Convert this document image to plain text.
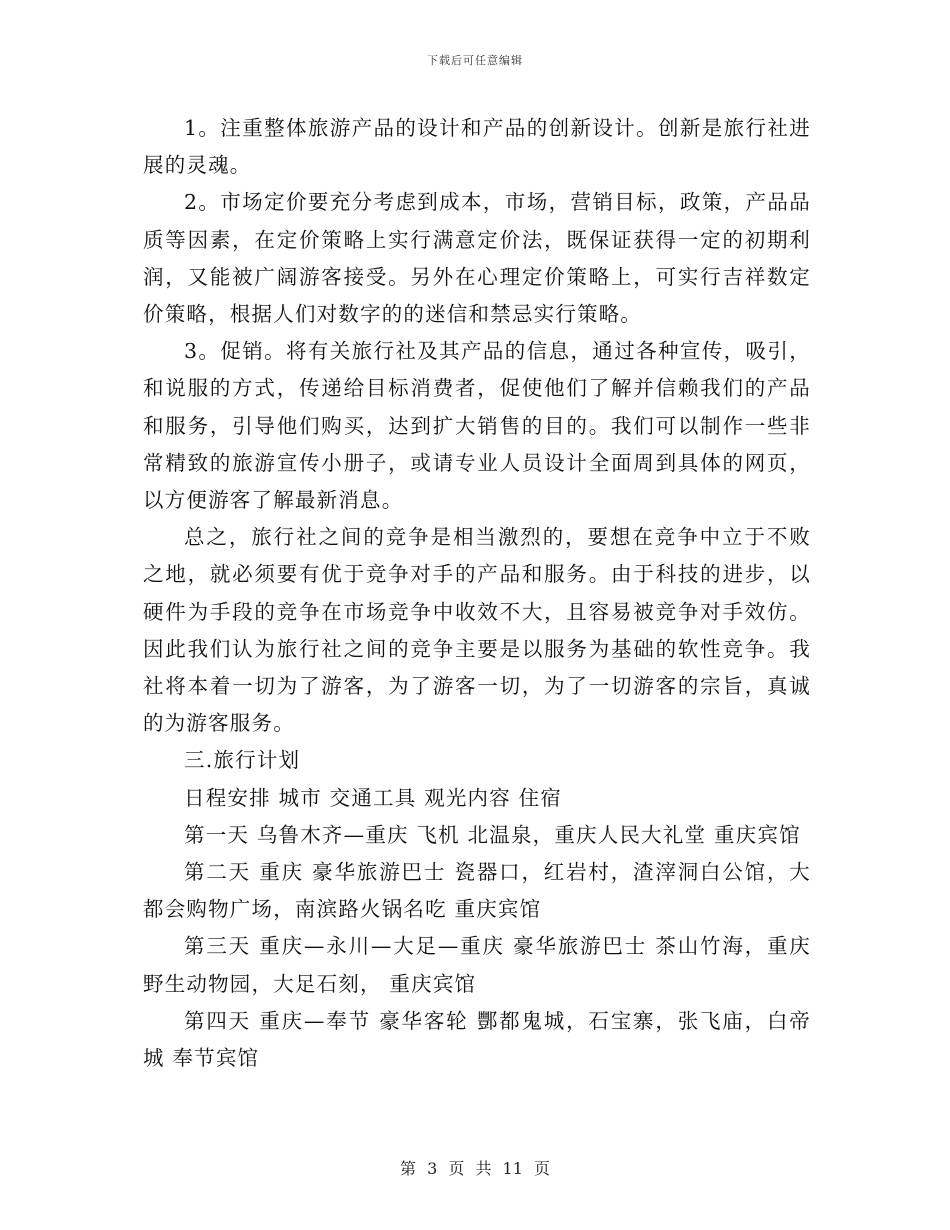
下载后可任意编辑

1。注重整体旅游产品的设计和产品的创新设计。创新是旅行社进展的灵魂。

2。市场定价要充分考虑到成本，市场，营销目标，政策，产品品质等因素，在定价策略上实行满意定价法，既保证获得一定的初期利润，又能被广阔游客接受。另外在心理定价策略上，可实行吉祥数定价策略，根据人们对数字的的迷信和禁忌实行策略。

3。促销。将有关旅行社及其产品的信息，通过各种宣传，吸引，和说服的方式，传递给目标消费者，促使他们了解并信赖我们的产品和服务，引导他们购买，达到扩大销售的目的。我们可以制作一些非常精致的旅游宣传小册子，或请专业人员设计全面周到具体的网页，以方便游客了解最新消息。

总之，旅行社之间的竞争是相当激烈的，要想在竞争中立于不败之地，就必须要有优于竞争对手的产品和服务。由于科技的进步，以硬件为手段的竞争在市场竞争中收效不大，且容易被竞争对手效仿。因此我们认为旅行社之间的竞争主要是以服务为基础的软性竞争。我社将本着一切为了游客，为了游客一切，为了一切游客的宗旨，真诚的为游客服务。

三.旅行计划

日程安排 城市 交通工具 观光内容 住宿

第一天 乌鲁木齐—重庆 飞机 北温泉，重庆人民大礼堂 重庆宾馆

第二天 重庆 豪华旅游巴士 瓷器口，红岩村，渣滓洞白公馆，大都会购物广场，南滨路火锅名吃 重庆宾馆

第三天 重庆—永川—大足—重庆 豪华旅游巴士 茶山竹海，重庆野生动物园，大足石刻， 重庆宾馆

第四天 重庆—奉节 豪华客轮 酆都鬼城，石宝寨，张飞庙，白帝城 奉节宾馆

第 3 页 共 11 页
